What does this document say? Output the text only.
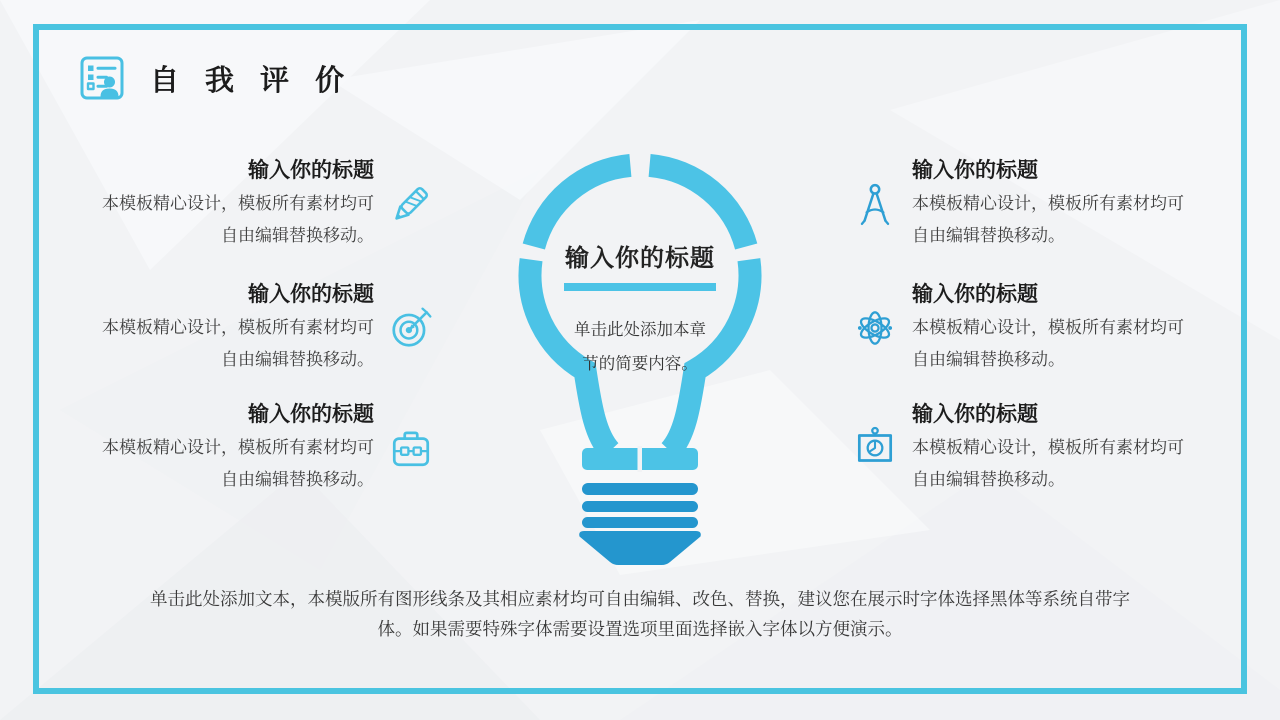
自我评价
输入你的标题
本模板精心设计，模板所有素材均可
自由编辑替换移动。
输入你的标题
本模板精心设计，模板所有素材均可
自由编辑替换移动。
输入你的标题
本模板精心设计，模板所有素材均可
自由编辑替换移动。
输入你的标题
本模板精心设计，模板所有素材均可
自由编辑替换移动。
输入你的标题
本模板精心设计，模板所有素材均可
自由编辑替换移动。
输入你的标题
本模板精心设计，模板所有素材均可
自由编辑替换移动。
输入你的标题
单击此处添加本章
节的简要内容。
单击此处添加文本，本模版所有图形线条及其相应素材均可自由编辑、改色、替换，建议您在展示时字体选择黑体等系统自带字
体。如果需要特殊字体需要设置选项里面选择嵌入字体以方便演示。
